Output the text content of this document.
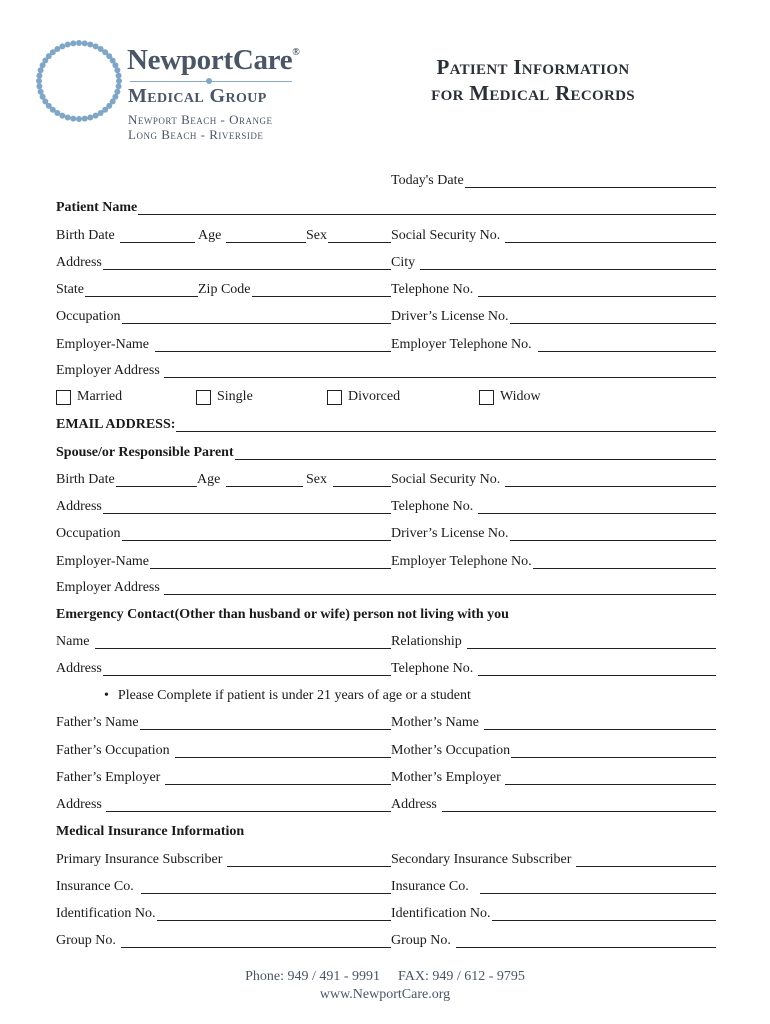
NewportCare®
Medical Group
Newport Beach - Orange
Long Beach - Riverside
Patient Information
for Medical Records
Today's Date
Patient Name
Birth Date	Age	Sex	Social Security No.
Address	City
State	Zip Code	Telephone No.
Occupation	Driver’s License No.
Employer-Name	Employer Telephone No.
Employer Address
Married	Single	Divorced	Widow
EMAIL ADDRESS:
Spouse/or Responsible Parent
Birth Date	Age	Sex	Social Security No.
Address	Telephone No.
Occupation	Driver’s License No.
Employer-Name	Employer Telephone No.
Employer Address
Emergency Contact(Other than husband or wife) person not living with you
Name	Relationship
Address	Telephone No.
• Please Complete if patient is under 21 years of age or a student
Father’s Name	Mother’s Name
Father’s Occupation	Mother’s Occupation
Father’s Employer	Mother’s Employer
Address	Address
Medical Insurance Information
Primary Insurance Subscriber	Secondary Insurance Subscriber
Insurance Co.	Insurance Co.
Identification No.	Identification No.
Group No.	Group No.
Phone: 949 / 491 - 9991 FAX: 949 / 612 - 9795
www.NewportCare.org
